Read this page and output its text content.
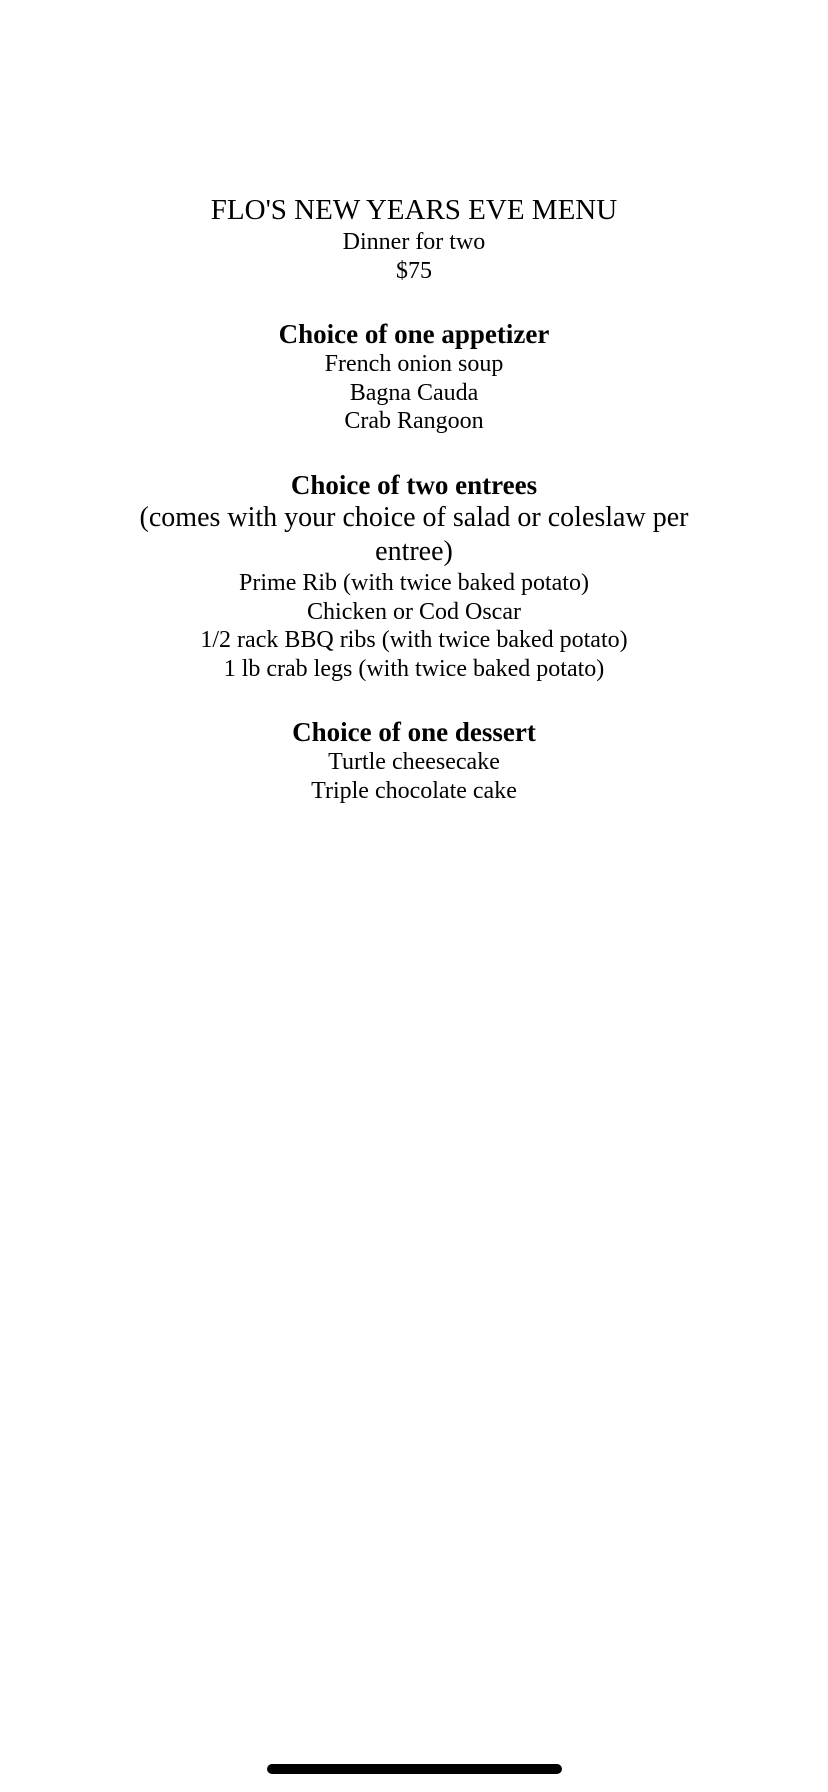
FLO'S NEW YEARS EVE MENU

Dinner for two

$75

Choice of one appetizer

French onion soup

Bagna Cauda

Crab Rangoon

Choice of two entrees

(comes with your choice of salad or coleslaw per entree)

Prime Rib (with twice baked potato)

Chicken or Cod Oscar

1/2 rack BBQ ribs (with twice baked potato)

1 lb crab legs (with twice baked potato)

Choice of one dessert

Turtle cheesecake

Triple chocolate cake
